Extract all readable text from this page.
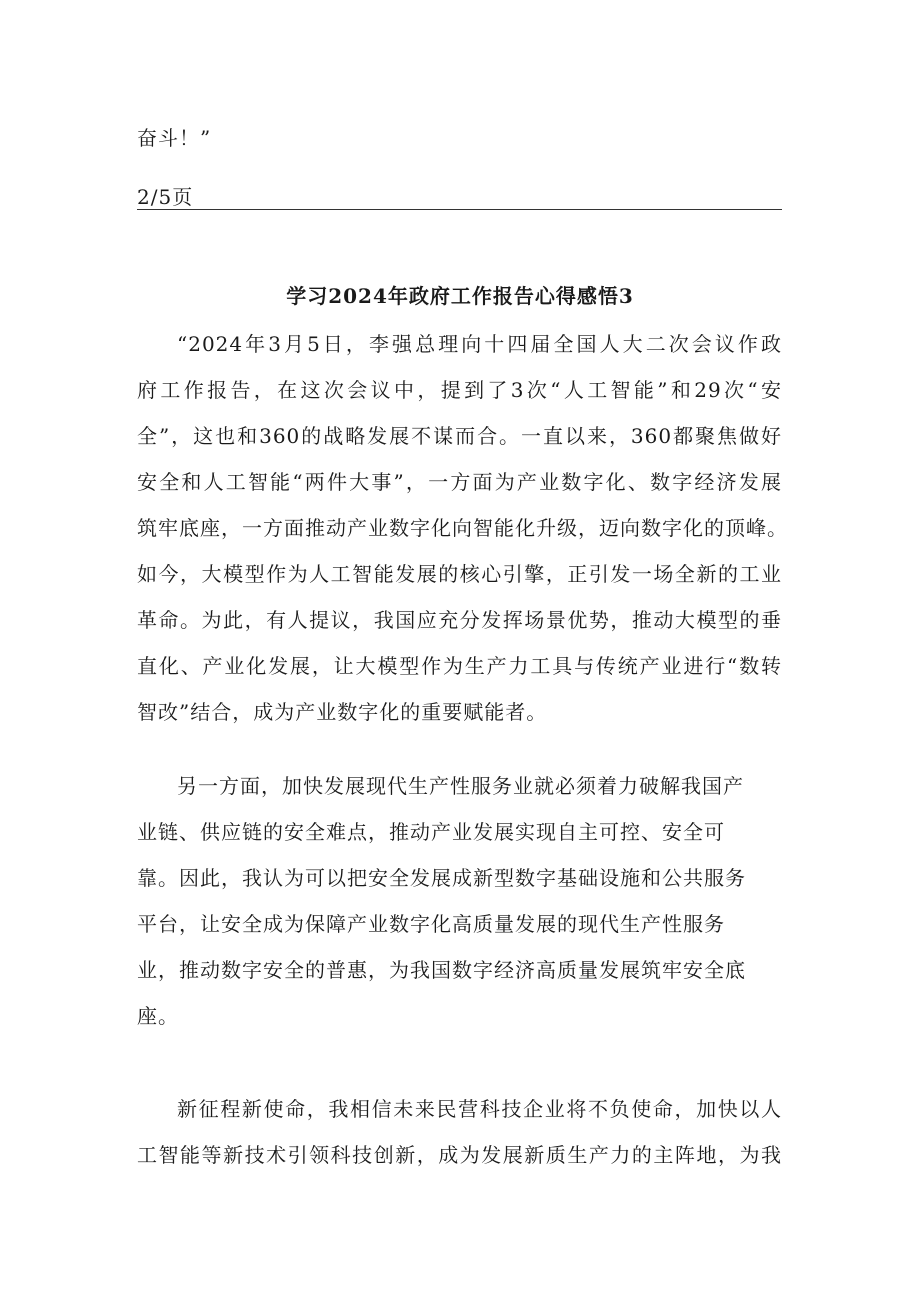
奋斗！”
2/5页
学习2024年政府工作报告心得感悟3
“2024年3月5日，李强总理向十四届全国人大二次会议作政
府工作报告，在这次会议中，提到了3次“人工智能”和29次“安
全”，这也和360的战略发展不谋而合。一直以来，360都聚焦做好
安全和人工智能“两件大事”，一方面为产业数字化、数字经济发展
筑牢底座，一方面推动产业数字化向智能化升级，迈向数字化的顶峰。
如今，大模型作为人工智能发展的核心引擎，正引发一场全新的工业
革命。为此，有人提议，我国应充分发挥场景优势，推动大模型的垂
直化、产业化发展，让大模型作为生产力工具与传统产业进行“数转
智改”结合，成为产业数字化的重要赋能者。
另一方面，加快发展现代生产性服务业就必须着力破解我国产
业链、供应链的安全难点，推动产业发展实现自主可控、安全可
靠。因此，我认为可以把安全发展成新型数字基础设施和公共服务
平台，让安全成为保障产业数字化高质量发展的现代生产性服务
业，推动数字安全的普惠，为我国数字经济高质量发展筑牢安全底
座。
新征程新使命，我相信未来民营科技企业将不负使命，加快以人
工智能等新技术引领科技创新，成为发展新质生产力的主阵地，为我
